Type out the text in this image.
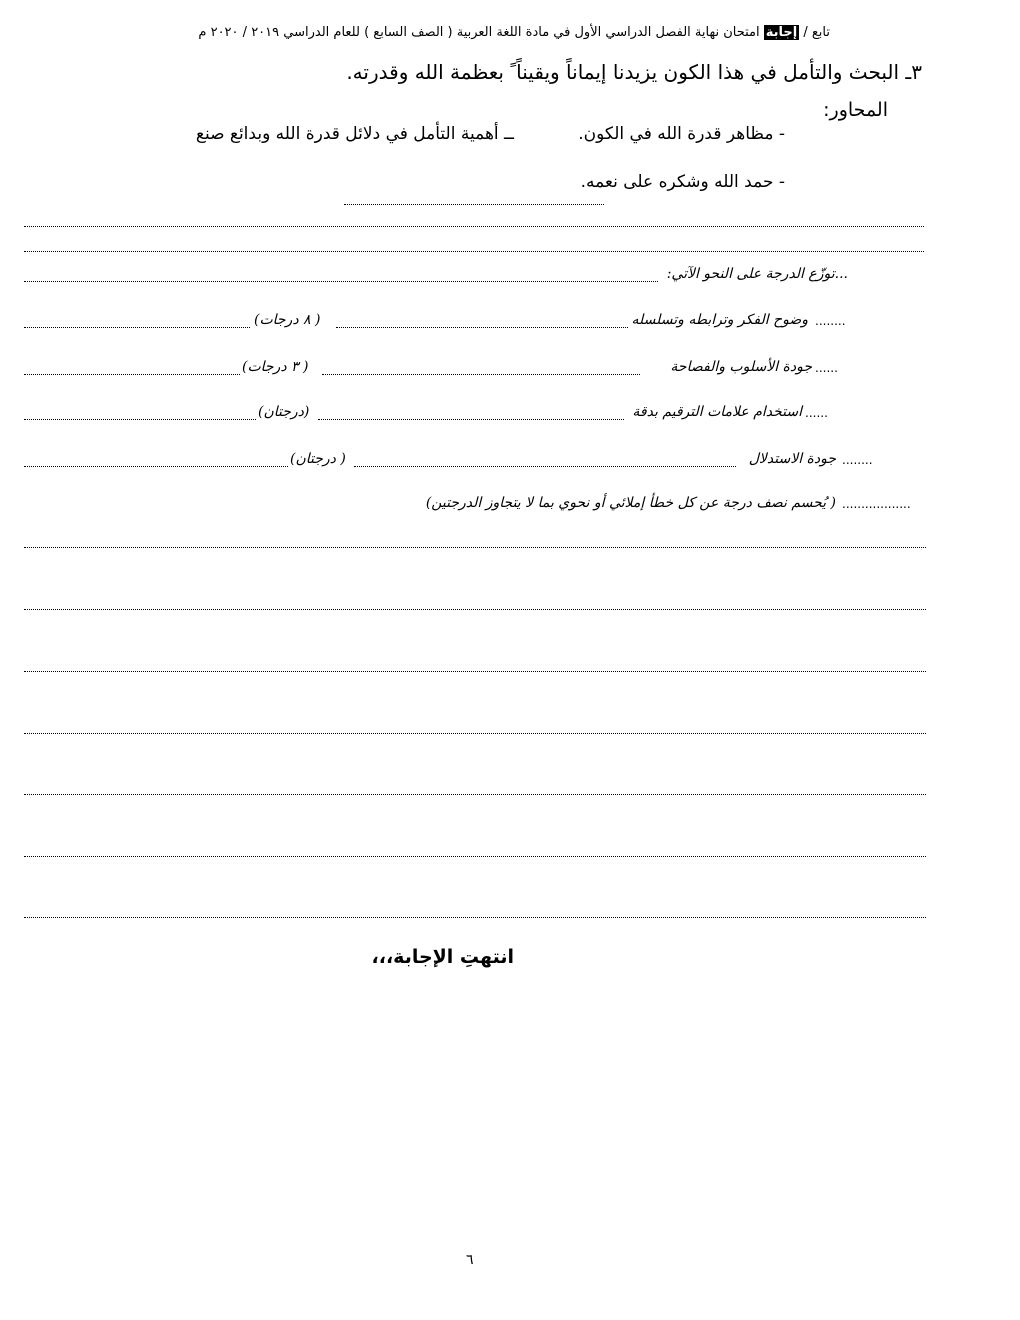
تابع / إجابة امتحان نهاية الفصل الدراسي الأول في مادة اللغة العربية ( الصف السابع ) للعام الدراسي ٢٠١٩ / ٢٠٢٠ م
٣ـ البحث والتأمل في هذا الكون يزيدنا إيماناً ويقيناً ً بعظمة الله وقدرته.
المحاور:
- مظاهر قدرة الله في الكون.
ــ أهمية التأمل في دلائل قدرة الله وبدائع صنع
- حمد الله وشكره على نعمه.
...توزّع الدرجة على النحو الآتي:
( ٨ درجات)	وضوح الفكر وترابطه وتسلسله ........
( ٣ درجات)	جودة الأسلوب والفصاحة ......
(درجتان)	استخدام علامات الترقيم بدقة ......
( درجتان)	جودة الاستدلال ........
( يُحسم نصف درجة عن كل خطأ إملائي أو نحوي بما لا يتجاوز الدرجتين) ..................
انتهتِ الإجابة،،،
٦
